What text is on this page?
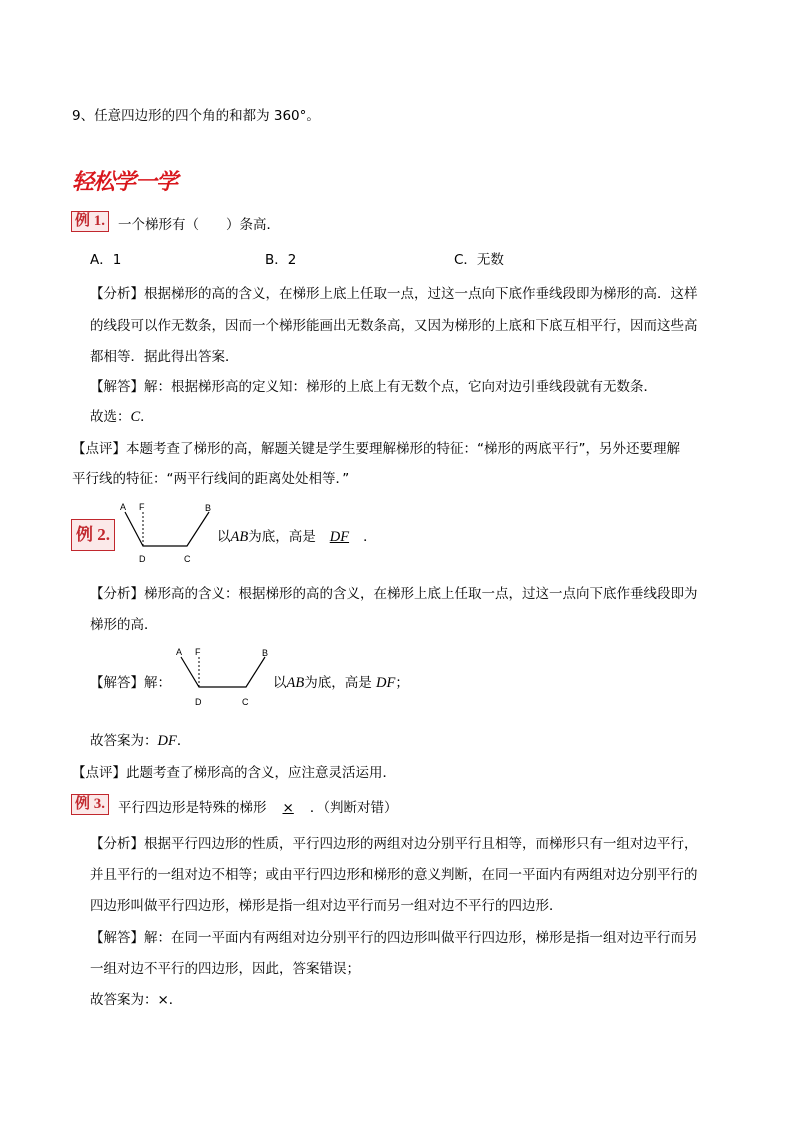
9、任意四边形的四个角的和都为 360°。
轻松学一学
例 1. 一个梯形有（　　）条高．
A．1	B．2	C．无数
【分析】根据梯形的高的含义，在梯形上底上任取一点，过这一点向下底作垂线段即为梯形的高．这样
的线段可以作无数条，因而一个梯形能画出无数条高，又因为梯形的上底和下底互相平行，因而这些高
都相等．据此得出答案．
【解答】解：根据梯形高的定义知：梯形的上底上有无数个点，它向对边引垂线段就有无数条．
故选：C．
【点评】本题考查了梯形的高，解题关键是学生要理解梯形的特征：“梯形的两底平行”，另外还要理解
平行线的特征：“两平行线间的距离处处相等．”
例 2.
A F	B
D	C
以AB为底，高是 DF ．
【分析】梯形高的含义：根据梯形的高的含义，在梯形上底上任取一点，过这一点向下底作垂线段即为
梯形的高．
【解答】解：
A F	B
D	C
以AB为底，高是 DF；
故答案为：DF．
【点评】此题考查了梯形高的含义，应注意灵活运用．
例 3. 平行四边形是特殊的梯形 × ．（判断对错）
【分析】根据平行四边形的性质，平行四边形的两组对边分别平行且相等，而梯形只有一组对边平行，
并且平行的一组对边不相等；或由平行四边形和梯形的意义判断，在同一平面内有两组对边分别平行的
四边形叫做平行四边形，梯形是指一组对边平行而另一组对边不平行的四边形．
【解答】解：在同一平面内有两组对边分别平行的四边形叫做平行四边形，梯形是指一组对边平行而另
一组对边不平行的四边形，因此，答案错误；
故答案为：×．
